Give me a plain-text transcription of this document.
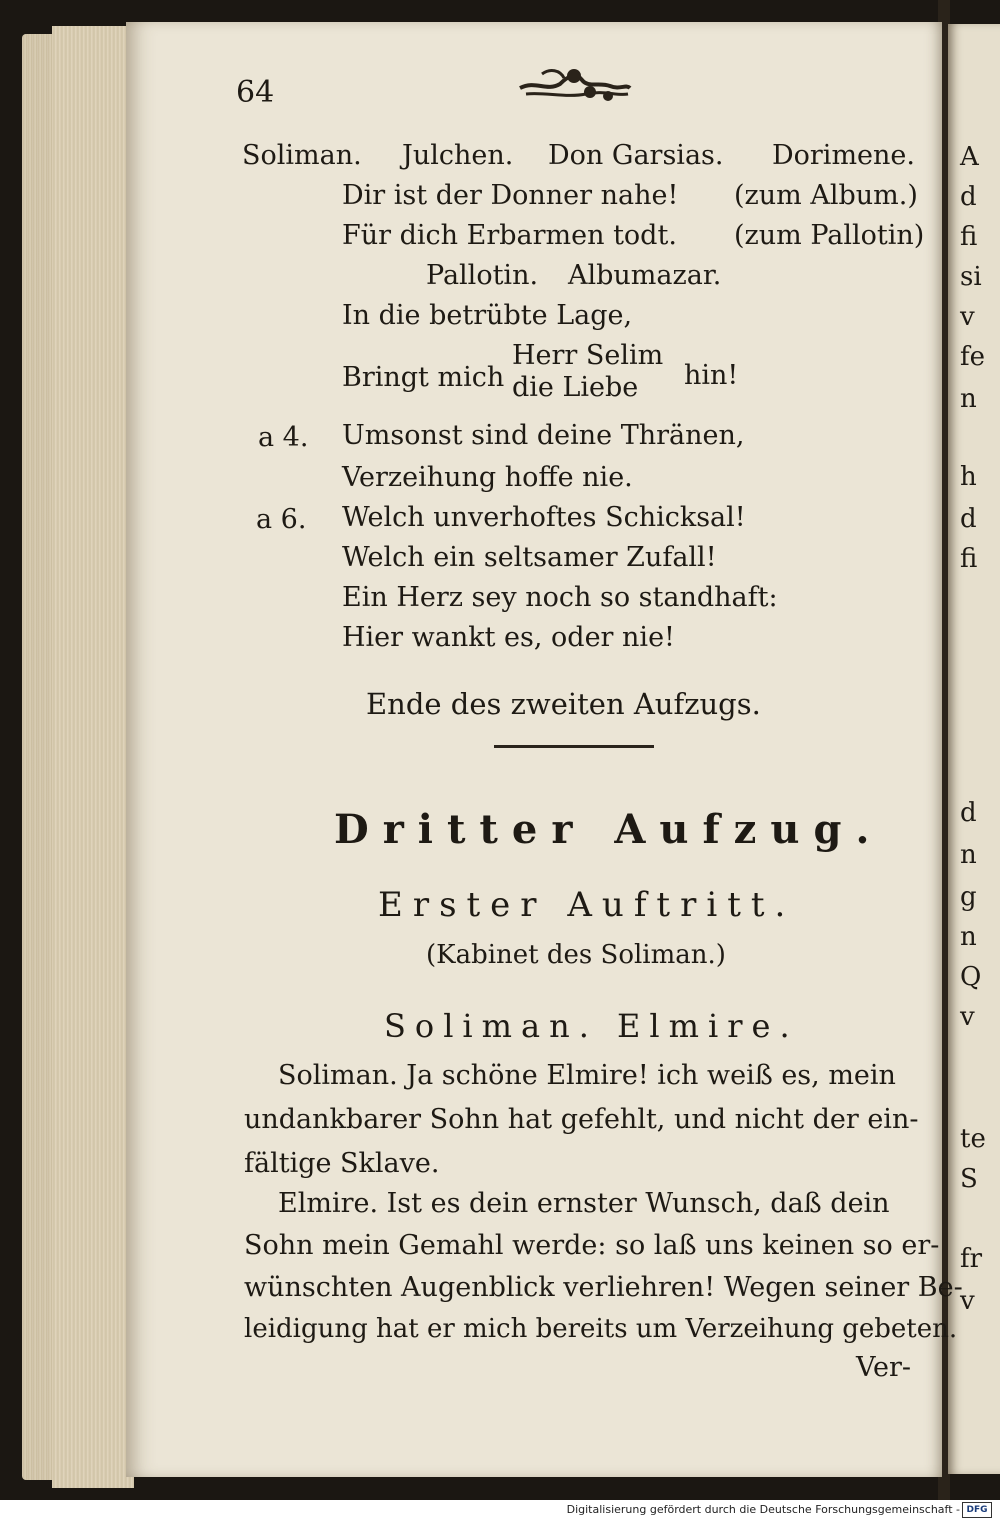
64
Soliman. Julchen. Don Garsias. Dorimene.
Dir ist der Donner nahe! (zum Album.)
Für dich Erbarmen todt. (zum Pallotin)
Pallotin. Albumazar.
In die betrübte Lage,
Bringt mich
Herr Selim
die Liebe hin!
a 4. Umsonst sind deine Thränen,
Verzeihung hoffe nie.
a 6. Welch unverhoftes Schicksal!
Welch ein seltsamer Zufall!
Ein Herz sey noch so standhaft:
Hier wankt es, oder nie!
Ende des zweiten Aufzugs.
Dritter Aufzug.
Erster Auftritt.
(Kabinet des Soliman.)
Soliman. Elmire.
Soliman. Ja schöne Elmire! ich weiß es, mein
undankbarer Sohn hat gefehlt, und nicht der ein-
fältige Sklave.
Elmire. Ist es dein ernster Wunsch, daß dein
Sohn mein Gemahl werde: so laß uns keinen so er-
wünschten Augenblick verliehren! Wegen seiner Be-
leidigung hat er mich bereits um Verzeihung gebeten.
Ver-
A
d
fi
si
v
fe
n
h
d
fi
d
n
g
n
Q
v
te
S
fr
v
Digitalisierung gefördert durch die Deutsche Forschungsgemeinschaft - DFG
